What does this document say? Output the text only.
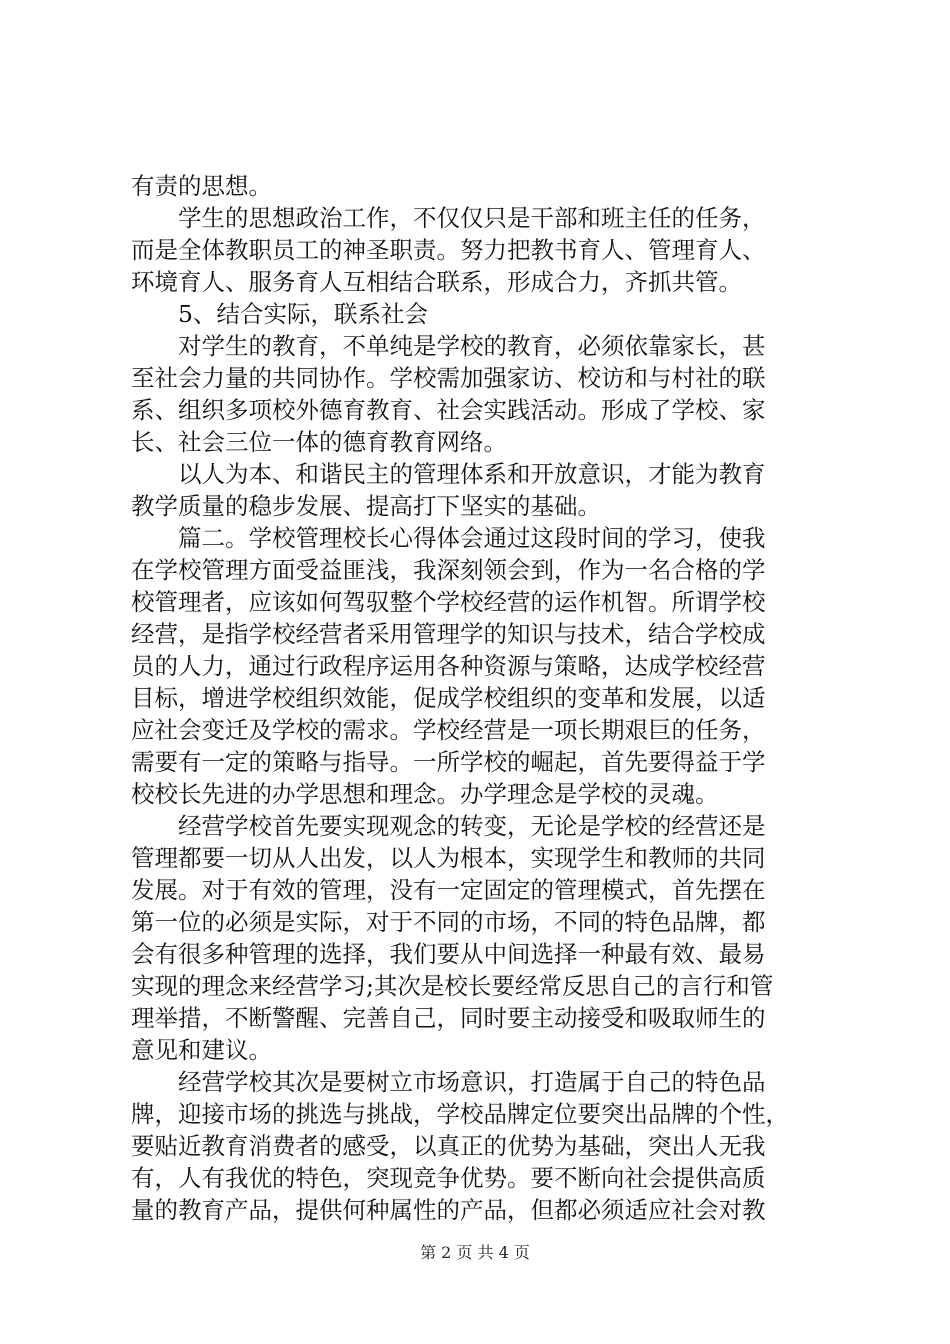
有责的思想。
　　学生的思想政治工作，不仅仅只是干部和班主任的任务，
而是全体教职员工的神圣职责。努力把教书育人、管理育人、
环境育人、服务育人互相结合联系，形成合力，齐抓共管。
　　5、结合实际，联系社会
　　对学生的教育，不单纯是学校的教育，必须依靠家长，甚
至社会力量的共同协作。学校需加强家访、校访和与村社的联
系、组织多项校外德育教育、社会实践活动。形成了学校、家
长、社会三位一体的德育教育网络。
　　以人为本、和谐民主的管理体系和开放意识，才能为教育
教学质量的稳步发展、提高打下坚实的基础。
　　篇二。学校管理校长心得体会通过这段时间的学习，使我
在学校管理方面受益匪浅，我深刻领会到，作为一名合格的学
校管理者，应该如何驾驭整个学校经营的运作机智。所谓学校
经营，是指学校经营者采用管理学的知识与技术，结合学校成
员的人力，通过行政程序运用各种资源与策略，达成学校经营
目标，增进学校组织效能，促成学校组织的变革和发展，以适
应社会变迁及学校的需求。学校经营是一项长期艰巨的任务，
需要有一定的策略与指导。一所学校的崛起，首先要得益于学
校校长先进的办学思想和理念。办学理念是学校的灵魂。
　　经营学校首先要实现观念的转变，无论是学校的经营还是
管理都要一切从人出发，以人为根本，实现学生和教师的共同
发展。对于有效的管理，没有一定固定的管理模式，首先摆在
第一位的必须是实际，对于不同的市场，不同的特色品牌，都
会有很多种管理的选择，我们要从中间选择一种最有效、最易
实现的理念来经营学习;其次是校长要经常反思自己的言行和管
理举措，不断警醒、完善自己，同时要主动接受和吸取师生的
意见和建议。
　　经营学校其次是要树立市场意识，打造属于自己的特色品
牌，迎接市场的挑选与挑战，学校品牌定位要突出品牌的个性，
要贴近教育消费者的感受，以真正的优势为基础，突出人无我
有，人有我优的特色，突现竞争优势。要不断向社会提供高质
量的教育产品，提供何种属性的产品，但都必须适应社会对教
第 2 页 共 4 页
